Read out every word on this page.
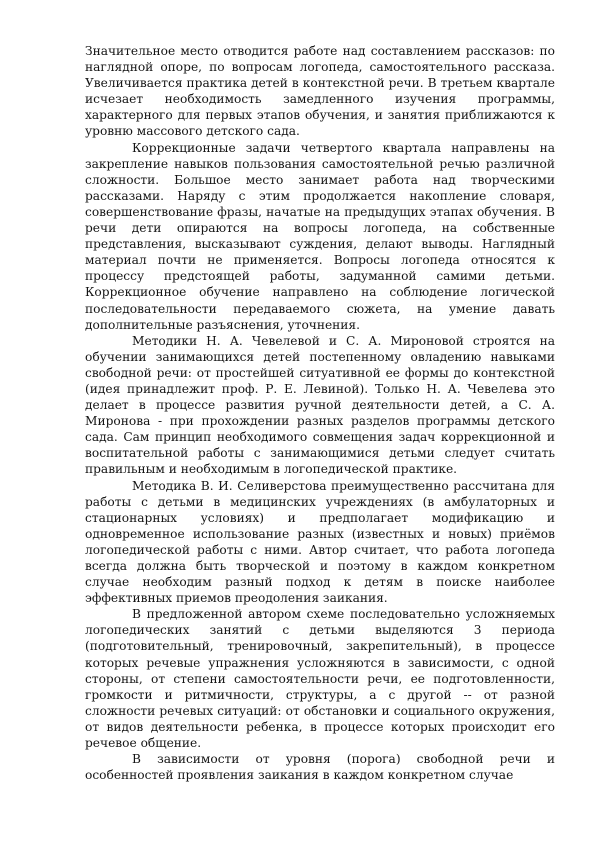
Значительное место отводится работе над составлением рассказов: по наглядной опоре, по вопросам логопеда, самостоятельного рассказа. Увеличивается практика детей в контекстной речи. В третьем квартале исчезает необходимость замедленного изучения программы, характерного для первых этапов обучения, и занятия приближаются к уровню массового детского сада.

Коррекционные задачи четвертого квартала направлены на закрепление навыков пользования самостоятельной речью различной сложности. Большое место занимает работа над творческими рассказами. Наряду с этим продолжается накопление словаря, совершенствование фразы, начатые на предыдущих этапах обучения. В речи дети опираются на вопросы логопеда, на собственные представления, высказывают суждения, делают выводы. Наглядный материал почти не применяется. Вопросы логопеда относятся к процессу предстоящей работы, задуманной самими детьми. Коррекционное обучение направлено на соблюдение логической последовательности передаваемого сюжета, на умение давать дополнительные разъяснения, уточнения.

Методики Н. А. Чевелевой и С. А. Мироновой строятся на обучении занимающихся детей постепенному овладению навыками свободной речи: от простейшей ситуативной ее формы до контекстной (идея принадлежит проф. Р. Е. Левиной). Только Н. А. Чевелева это делает в процессе развития ручной деятельности детей, а С. А. Миронова - при прохождении разных разделов программы детского сада. Сам принцип необходимого совмещения задач коррекционной и воспитательной работы с занимающимися детьми следует считать правильным и необходимым в логопедической практике.

Методика В. И. Селиверстова преимущественно рассчитана для работы с детьми в медицинских учреждениях (в амбулаторных и стационарных условиях) и предполагает модификацию и одновременное использование разных (известных и новых) приёмов логопедической работы с ними. Автор считает, что работа логопеда всегда должна быть творческой и поэтому в каждом конкретном случае необходим разный подход к детям в поиске наиболее эффективных приемов преодоления заикания.

В предложенной автором схеме последовательно усложняемых логопедических занятий с детьми выделяются 3 периода (подготовительный, тренировочный, закрепительный), в процессе которых речевые упражнения усложняются в зависимости, с одной стороны, от степени самостоятельности речи, ее подготовленности, громкости и ритмичности, структуры, а с другой -- от разной сложности речевых ситуаций: от обстановки и социального окружения, от видов деятельности ребенка, в процессе которых происходит его речевое общение.

В зависимости от уровня (порога) свободной речи и особенностей проявления заикания в каждом конкретном случае
